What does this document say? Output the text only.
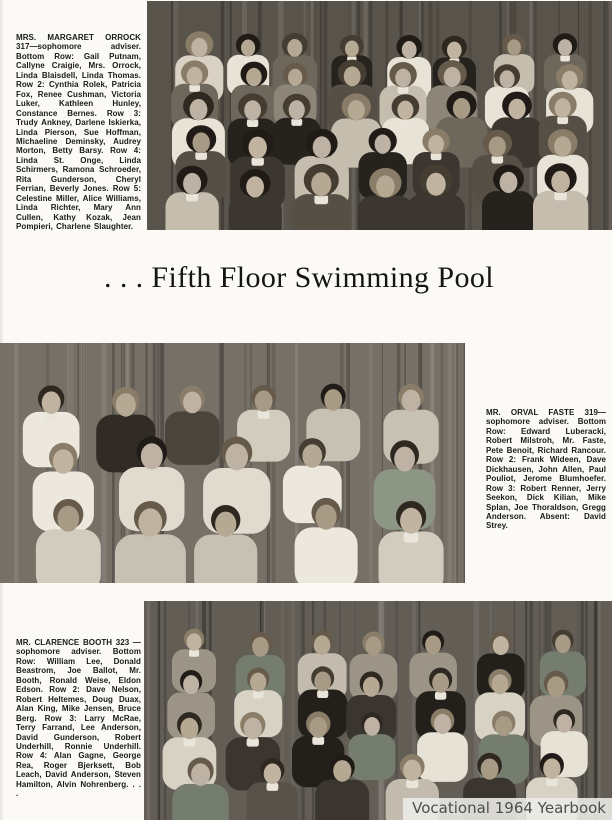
MRS. MARGARET ORROCK 317—sophomore adviser. Bottom Row: Gail Putnam, Callyne Craigie, Mrs. Orrock, Linda Blaisdell, Linda Thomas. Row 2: Cynthia Rolek, Patricia Fox, Renee Cushman, Victoria Luker, Kathleen Hunley, Constance Bernes. Row 3: Trudy Ankney, Darlene Iskierka, Linda Pierson, Sue Hoffman, Michaeline Deminsky, Audrey Morton, Betty Barsy. Row 4: Linda St. Onge, Linda Schirmers, Ramona Schroeder, Rita Gunderson, Cheryl Ferrian, Beverly Jones. Row 5: Celestine Miller, Alice Williams, Linda Richter, Mary Ann Cullen, Kathy Kozak, Jean Pompieri, Charlene Slaughter.
. . . Fifth Floor Swimming Pool
MR. ORVAL FASTE 319— sophomore adviser. Bottom Row: Edward Luberacki, Robert Milstroh, Mr. Faste, Pete Benoit, Richard Rancour. Row 2: Frank Wideen, Dave Dickhausen, John Allen, Paul Pouliot, Jerome Blumhoefer. Row 3: Robert Renner, Jerry Seekon, Dick Kilian, Mike Splan, Joe Thoraldson, Gregg Anderson. Absent: David Strey.
MR. CLARENCE BOOTH 323 —sophomore adviser. Bottom Row: William Lee, Donald Beastrom, Joe Ballot, Mr. Booth, Ronald Weise, Eldon Edson. Row 2: Dave Nelson, Robert Heltemes, Doug Duax, Alan King, Mike Jensen, Bruce Berg. Row 3: Larry McRae, Terry Farrand, Lee Anderson, David Gunderson, Robert Underhill, Ronnie Underhill. Row 4: Alan Gagne, George Rea, Roger Bjerksett, Bob Leach, David Anderson, Steven Hamilton, Alvin Nohrenberg. . . .
Vocational 1964 Yearbook
